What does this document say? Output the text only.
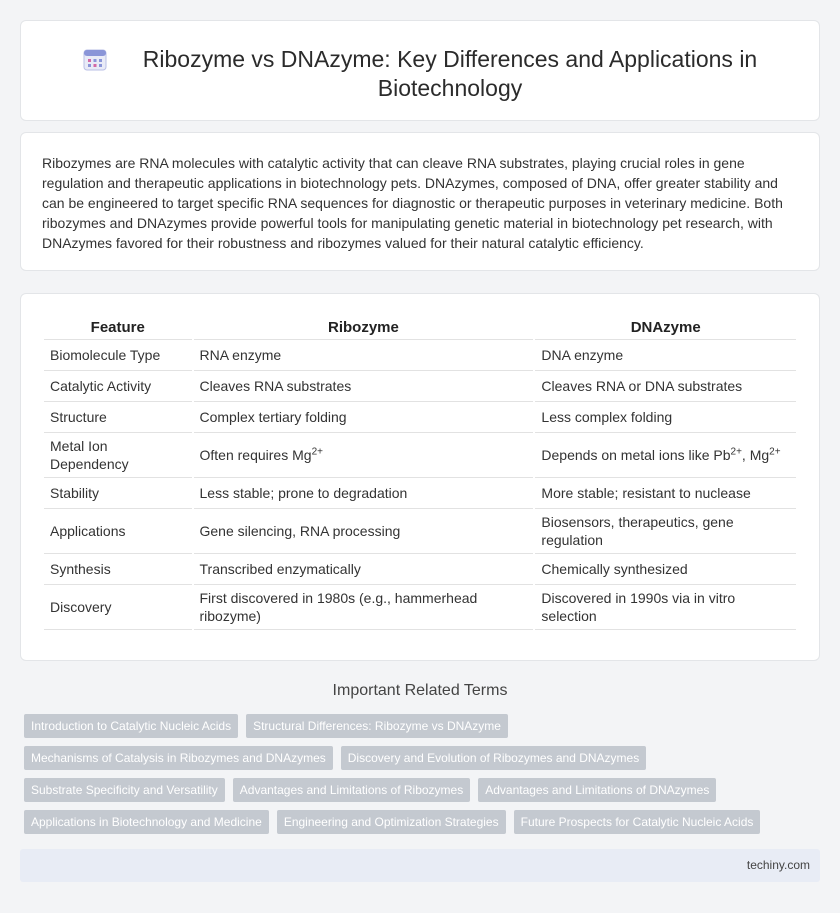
Ribozyme vs DNAzyme: Key Differences and Applications in Biotechnology

Ribozymes are RNA molecules with catalytic activity that can cleave RNA substrates, playing crucial roles in gene regulation and therapeutic applications in biotechnology pets. DNAzymes, composed of DNA, offer greater stability and can be engineered to target specific RNA sequences for diagnostic or therapeutic purposes in veterinary medicine. Both ribozymes and DNAzymes provide powerful tools for manipulating genetic material in biotechnology pet research, with DNAzymes favored for their robustness and ribozymes valued for their natural catalytic efficiency.

Feature	Ribozyme	DNAzyme
Biomolecule Type	RNA enzyme	DNA enzyme
Catalytic Activity	Cleaves RNA substrates	Cleaves RNA or DNA substrates
Structure	Complex tertiary folding	Less complex folding
Metal Ion Dependency	Often requires $Mg^{2+}$	Depends on metal ions like $Pb^{2+}$, $Mg^{2+}$
Stability	Less stable; prone to degradation	More stable; resistant to nuclease
Applications	Gene silencing, RNA processing	Biosensors, therapeutics, gene regulation
Synthesis	Transcribed enzymatically	Chemically synthesized
Discovery	First discovered in 1980s (e.g., hammerhead ribozyme)	Discovered in 1990s via in vitro selection
Important Related Terms
Introduction to Catalytic Nucleic Acids	Structural Differences: Ribozyme vs DNAzyme
Mechanisms of Catalysis in Ribozymes and DNAzymes	Discovery and Evolution of Ribozymes and DNAzymes
Substrate Specificity and Versatility	Advantages and Limitations of Ribozymes	Advantages and Limitations of DNAzymes
Applications in Biotechnology and Medicine	Engineering and Optimization Strategies	Future Prospects for Catalytic Nucleic Acids
techiny.com
